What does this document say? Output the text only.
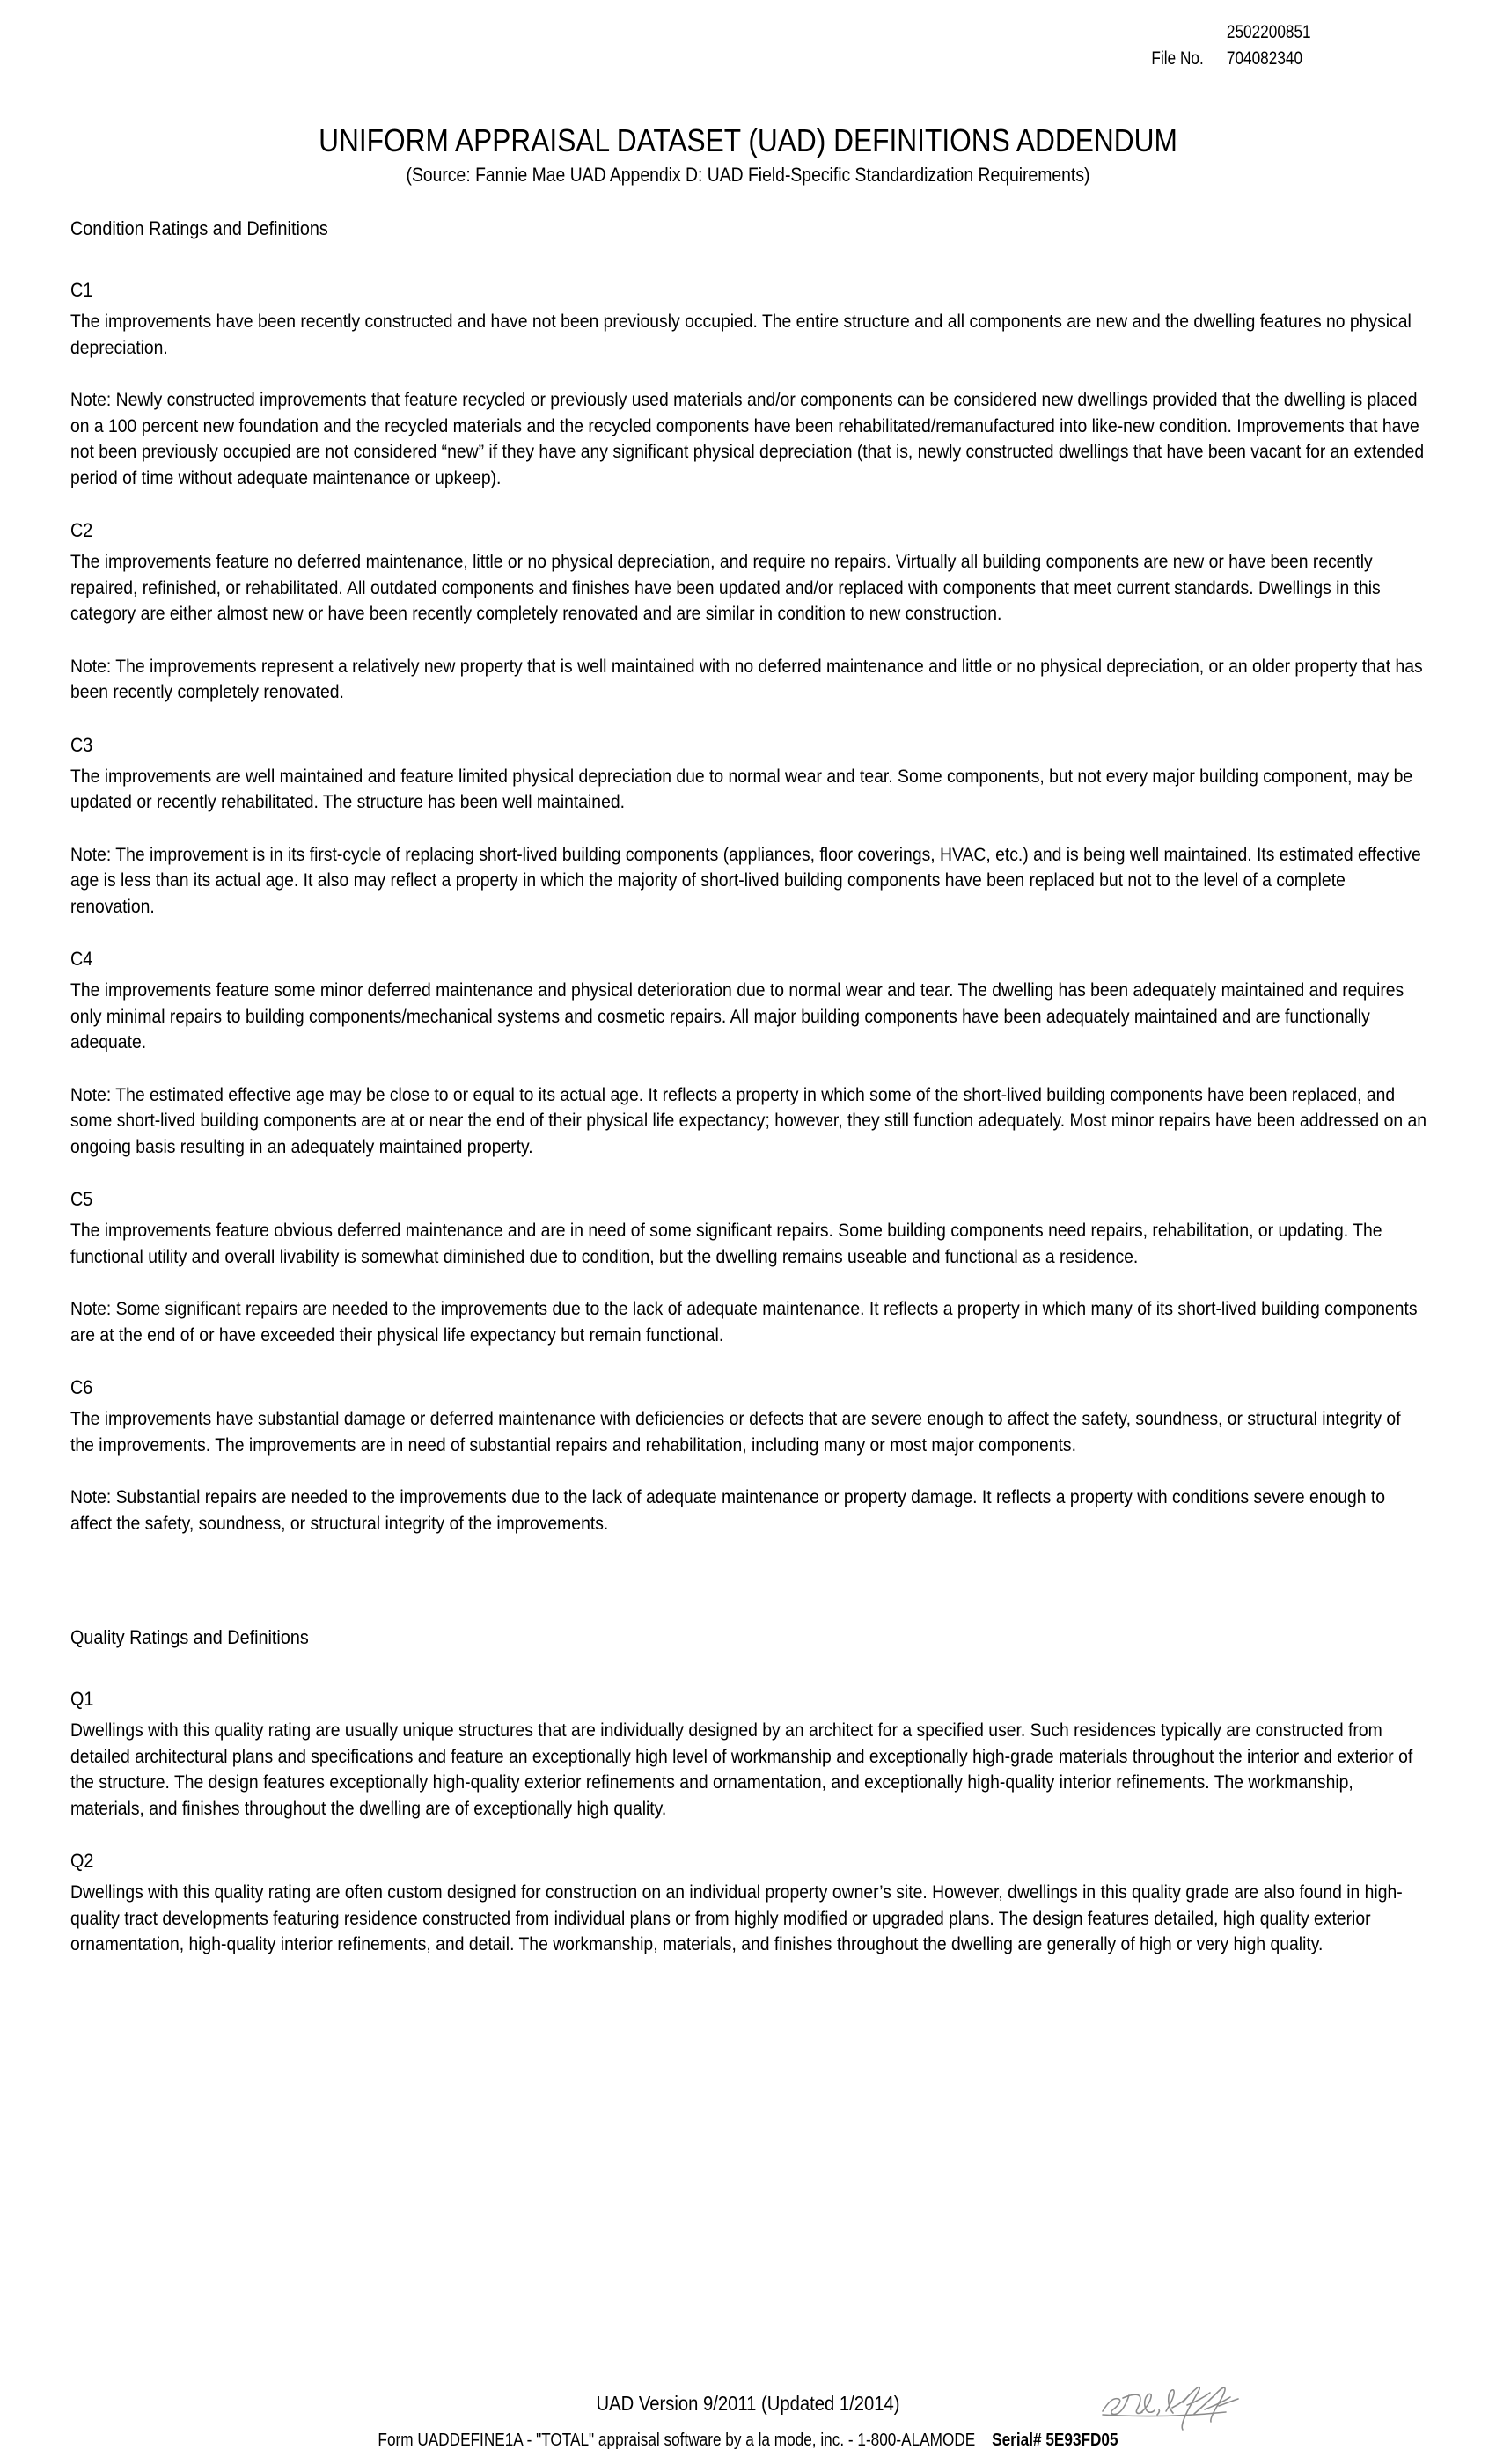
2502200851
File No. 704082340
UNIFORM APPRAISAL DATASET (UAD) DEFINITIONS ADDENDUM
(Source: Fannie Mae UAD Appendix D: UAD Field-Specific Standardization Requirements)
Condition Ratings and Definitions
C1

The improvements have been recently constructed and have not been previously occupied. The entire structure and all components are new and the dwelling features no physical depreciation.

Note: Newly constructed improvements that feature recycled or previously used materials and/or components can be considered new dwellings provided that the dwelling is placed on a 100 percent new foundation and the recycled materials and the recycled components have been rehabilitated/remanufactured into like-new condition. Improvements that have not been previously occupied are not considered “new” if they have any significant physical depreciation (that is, newly constructed dwellings that have been vacant for an extended period of time without adequate maintenance or upkeep).

C2

The improvements feature no deferred maintenance, little or no physical depreciation, and require no repairs. Virtually all building components are new or have been recently repaired, refinished, or rehabilitated. All outdated components and finishes have been updated and/or replaced with components that meet current standards. Dwellings in this category are either almost new or have been recently completely renovated and are similar in condition to new construction.

Note: The improvements represent a relatively new property that is well maintained with no deferred maintenance and little or no physical depreciation, or an older property that has been recently completely renovated.

C3

The improvements are well maintained and feature limited physical depreciation due to normal wear and tear. Some components, but not every major building component, may be updated or recently rehabilitated. The structure has been well maintained.

Note: The improvement is in its first-cycle of replacing short-lived building components (appliances, floor coverings, HVAC, etc.) and is being well maintained. Its estimated effective age is less than its actual age. It also may reflect a property in which the majority of short-lived building components have been replaced but not to the level of a complete renovation.

C4

The improvements feature some minor deferred maintenance and physical deterioration due to normal wear and tear. The dwelling has been adequately maintained and requires only minimal repairs to building components/mechanical systems and cosmetic repairs. All major building components have been adequately maintained and are functionally adequate.

Note: The estimated effective age may be close to or equal to its actual age. It reflects a property in which some of the short-lived building components have been replaced, and some short-lived building components are at or near the end of their physical life expectancy; however, they still function adequately. Most minor repairs have been addressed on an ongoing basis resulting in an adequately maintained property.

C5

The improvements feature obvious deferred maintenance and are in need of some significant repairs. Some building components need repairs, rehabilitation, or updating. The functional utility and overall livability is somewhat diminished due to condition, but the dwelling remains useable and functional as a residence.

Note: Some significant repairs are needed to the improvements due to the lack of adequate maintenance. It reflects a property in which many of its short-lived building components are at the end of or have exceeded their physical life expectancy but remain functional.

C6

The improvements have substantial damage or deferred maintenance with deficiencies or defects that are severe enough to affect the safety, soundness, or structural integrity of the improvements. The improvements are in need of substantial repairs and rehabilitation, including many or most major components.

Note: Substantial repairs are needed to the improvements due to the lack of adequate maintenance or property damage. It reflects a property with conditions severe enough to affect the safety, soundness, or structural integrity of the improvements.

Quality Ratings and Definitions
Q1

Dwellings with this quality rating are usually unique structures that are individually designed by an architect for a specified user. Such residences typically are constructed from detailed architectural plans and specifications and feature an exceptionally high level of workmanship and exceptionally high-grade materials throughout the interior and exterior of the structure. The design features exceptionally high-quality exterior refinements and ornamentation, and exceptionally high-quality interior refinements. The workmanship, materials, and finishes throughout the dwelling are of exceptionally high quality.

Q2

Dwellings with this quality rating are often custom designed for construction on an individual property owner’s site. However, dwellings in this quality grade are also found in high-quality tract developments featuring residence constructed from individual plans or from highly modified or upgraded plans. The design features detailed, high quality exterior ornamentation, high-quality interior refinements, and detail. The workmanship, materials, and finishes throughout the dwelling are generally of high or very high quality.

UAD Version 9/2011 (Updated 1/2014)
Form UADDEFINE1A - "TOTAL" appraisal software by a la mode, inc. - 1-800-ALAMODE Serial# 5E93FD05
